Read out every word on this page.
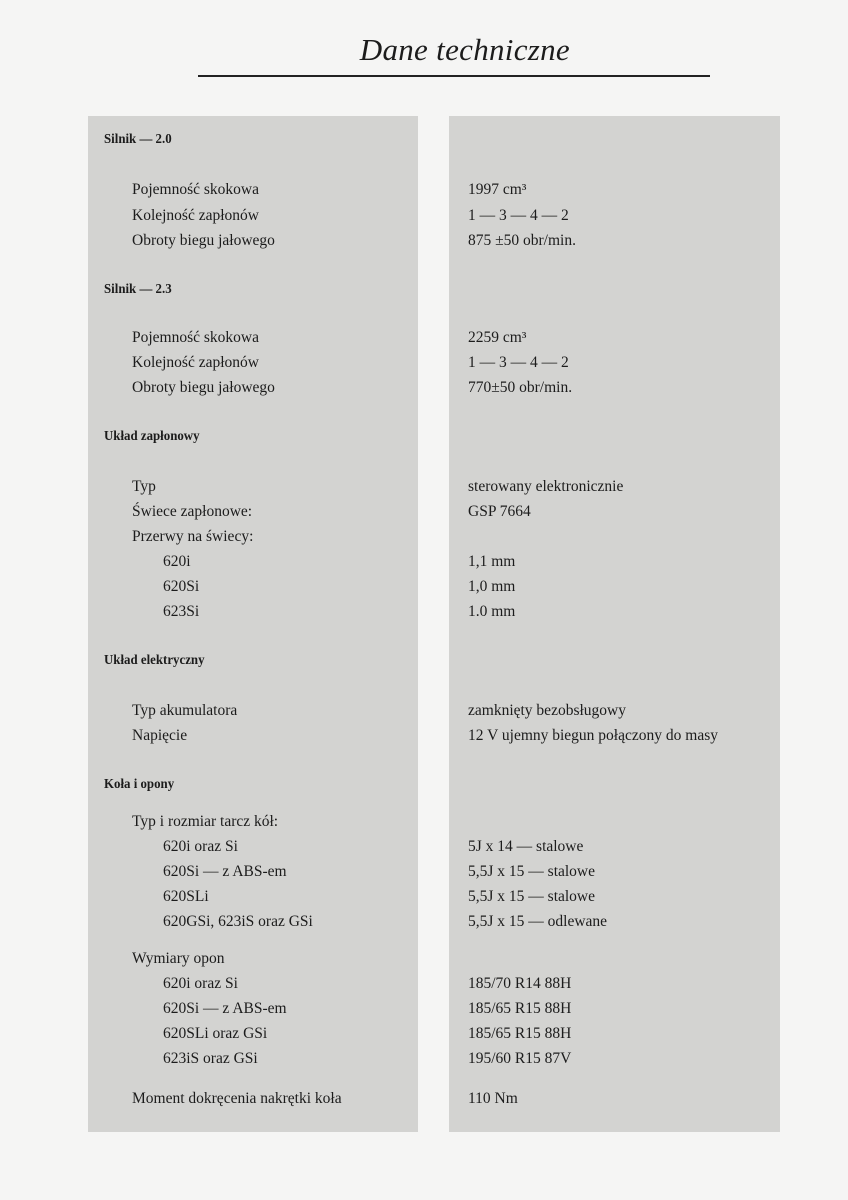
Dane techniczne
Silnik — 2.0
Pojemność skokowa	1997 cm³
Kolejność zapłonów	1 — 3 — 4 — 2
Obroty biegu jałowego	875 ±50 obr/min.
Silnik — 2.3
Pojemność skokowa	2259 cm³
Kolejność zapłonów	1 — 3 — 4 — 2
Obroty biegu jałowego	770±50 obr/min.
Układ zapłonowy
Typ	sterowany elektronicznie
Świece zapłonowe:	GSP 7664
Przerwy na świecy:
620i	1,1 mm
620Si	1,0 mm
623Si	1.0 mm
Układ elektryczny
Typ akumulatora	zamknięty bezobsługowy
Napięcie	12 V ujemny biegun połączony do masy
Koła i opony
Typ i rozmiar tarcz kół:
620i oraz Si	5J x 14 — stalowe
620Si — z ABS-em	5,5J x 15 — stalowe
620SLi	5,5J x 15 — stalowe
620GSi, 623iS oraz GSi	5,5J x 15 — odlewane
Wymiary opon
620i oraz Si	185/70 R14 88H
620Si — z ABS-em	185/65 R15 88H
620SLi oraz GSi	185/65 R15 88H
623iS oraz GSi	195/60 R15 87V
Moment dokręcenia nakrętki koła	110 Nm
